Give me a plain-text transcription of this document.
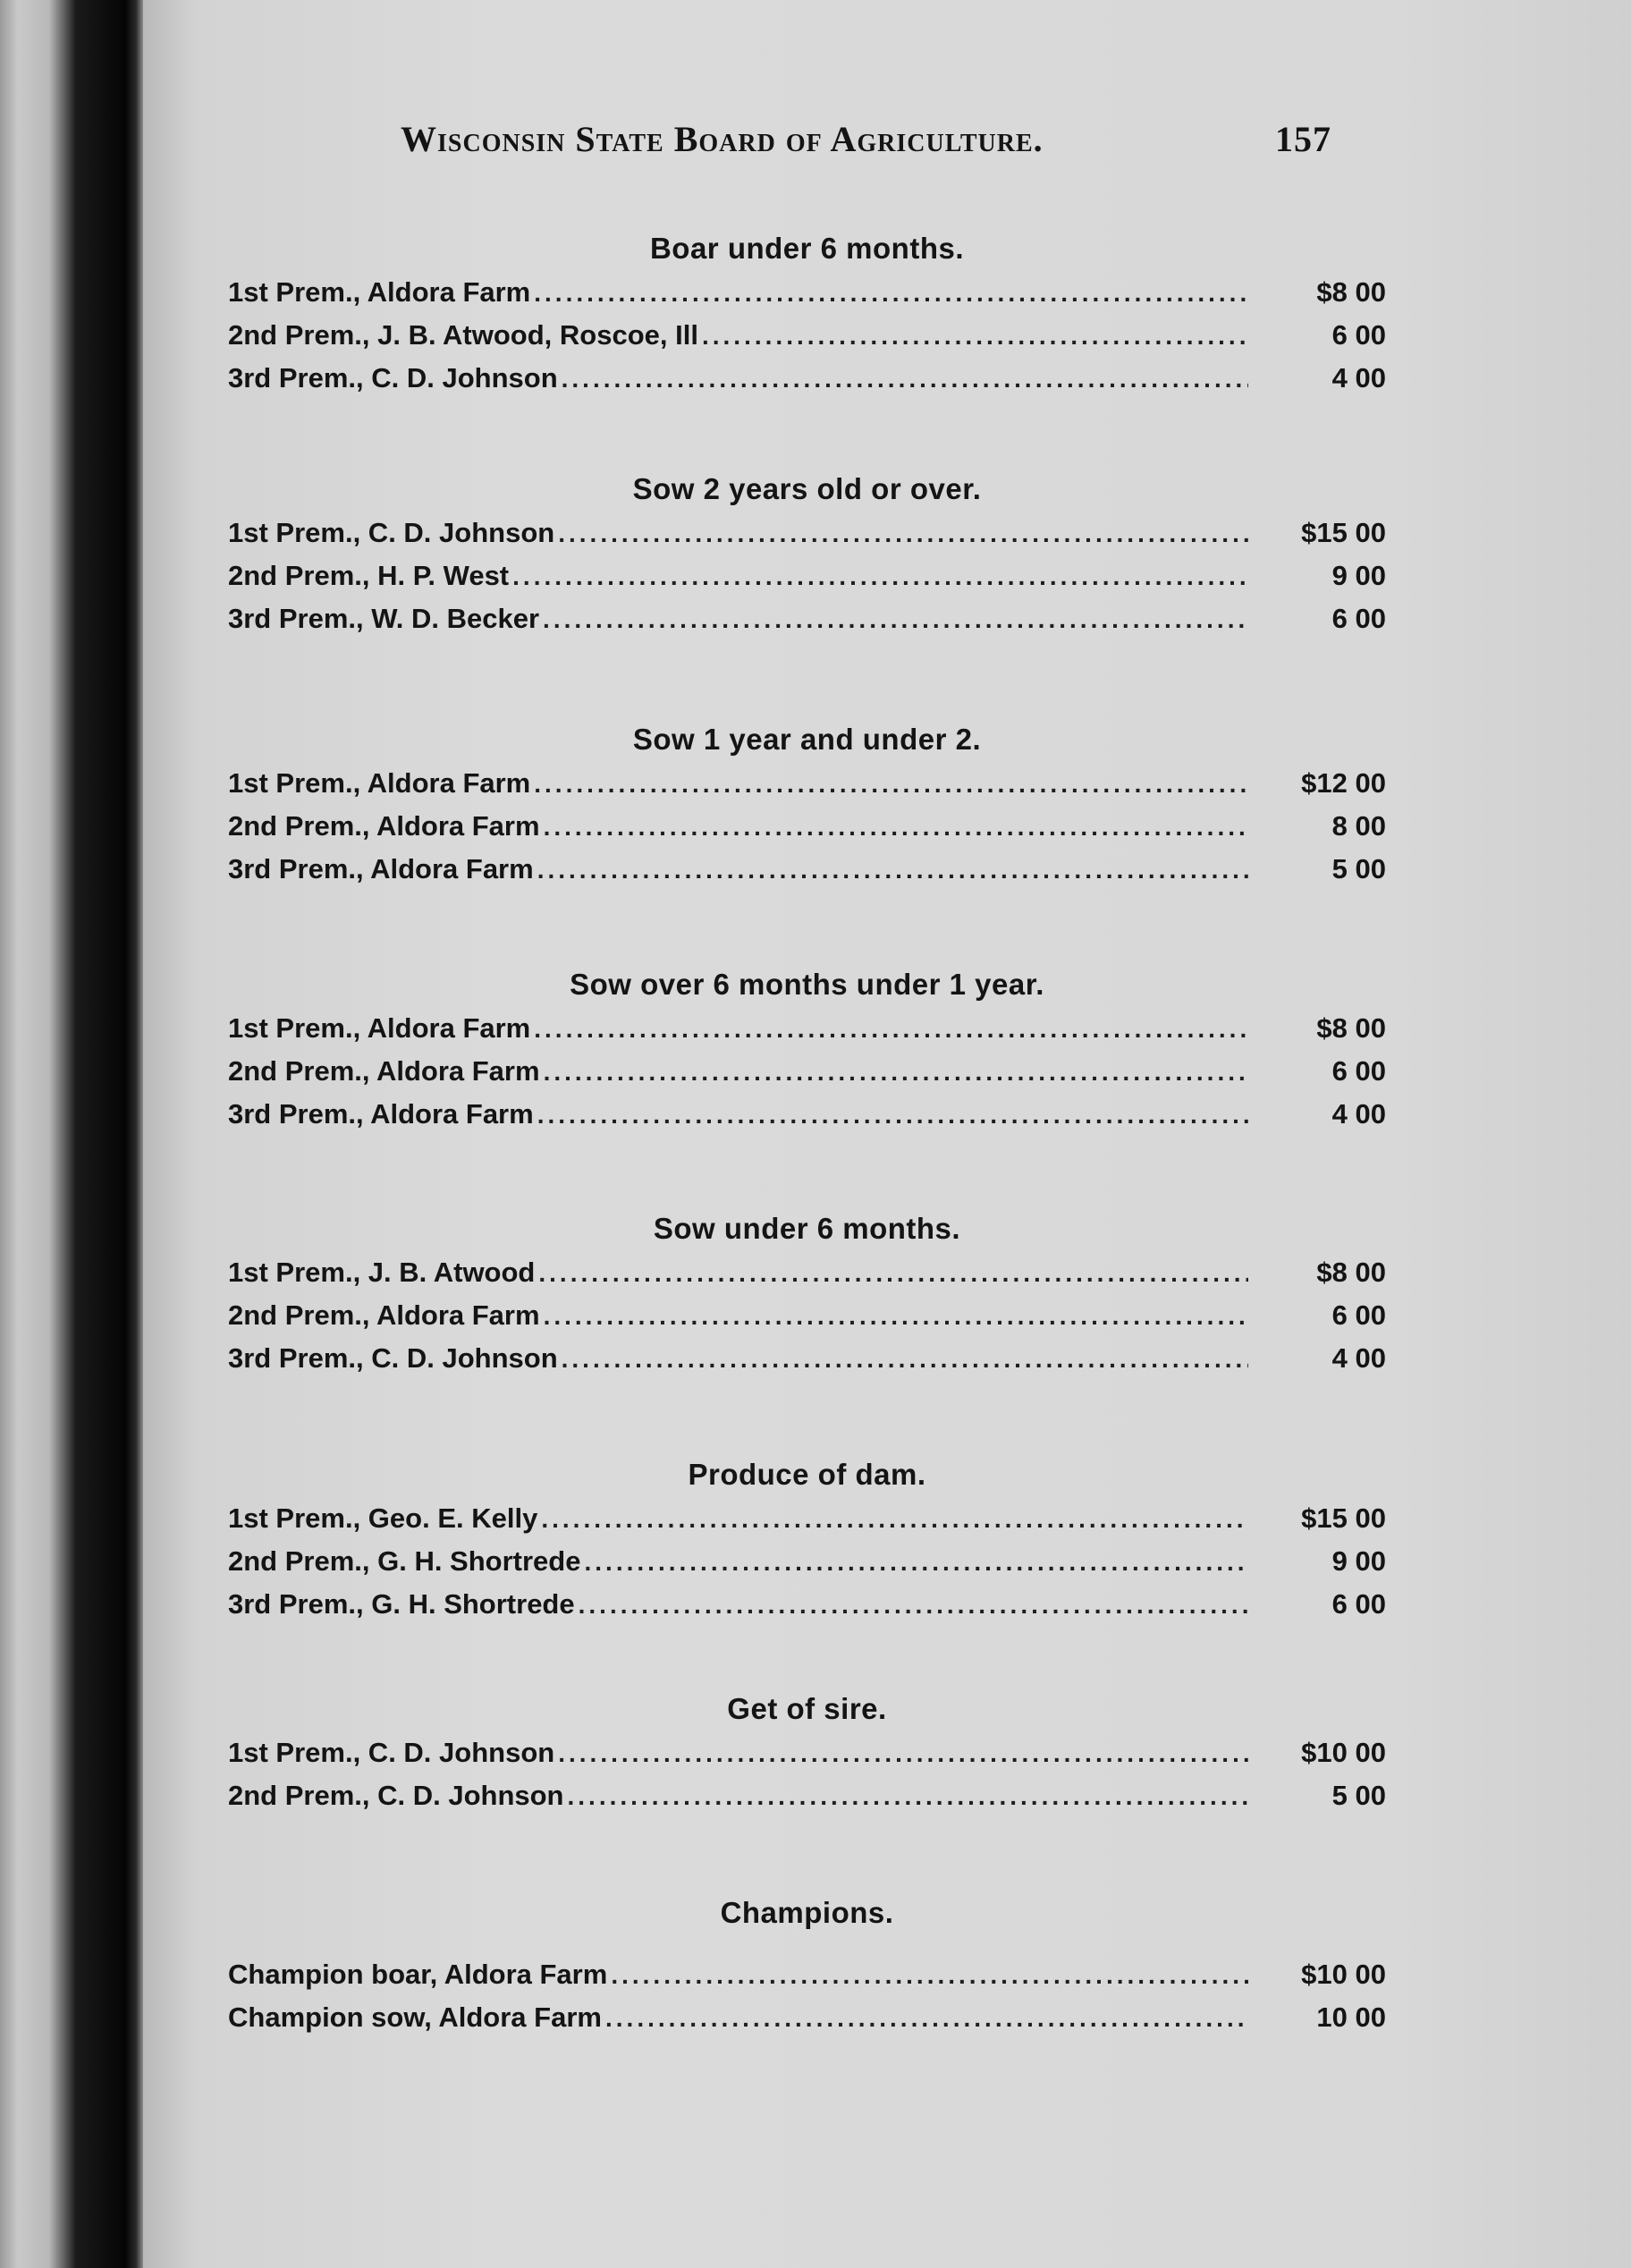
Wisconsin State Board of Agriculture.	157
Boar under 6 months.
1st Prem., Aldora Farm .....	$8 00
2nd Prem., J. B. Atwood, Roscoe, Ill .....	6 00
3rd Prem., C. D. Johnson .....	4 00
Sow 2 years old or over.
1st Prem., C. D. Johnson .....	$15 00
2nd Prem., H. P. West .....	9 00
3rd Prem., W. D. Becker .....	6 00
Sow 1 year and under 2.
1st Prem., Aldora Farm .....	$12 00
2nd Prem., Aldora Farm .....	8 00
3rd Prem., Aldora Farm .....	5 00
Sow over 6 months under 1 year.
1st Prem., Aldora Farm .....	$8 00
2nd Prem., Aldora Farm .....	6 00
3rd Prem., Aldora Farm .....	4 00
Sow under 6 months.
1st Prem., J. B. Atwood .....	$8 00
2nd Prem., Aldora Farm .....	6 00
3rd Prem., C. D. Johnson .....	4 00
Produce of dam.
1st Prem., Geo. E. Kelly .....	$15 00
2nd Prem., G. H. Shortrede .....	9 00
3rd Prem., G. H. Shortrede .....	6 00
Get of sire.
1st Prem., C. D. Johnson .....	$10 00
2nd Prem., C. D. Johnson .....	5 00
Champions.
Champion boar, Aldora Farm .....	$10 00
Champion sow, Aldora Farm .....	10 00
